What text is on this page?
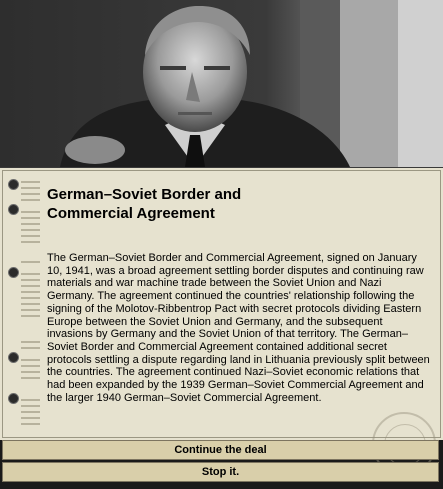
German–Soviet Border and
Commercial Agreement
The German–Soviet Border and Commercial Agreement, signed on January 10, 1941, was a broad agreement settling border disputes and continuing raw materials and war machine trade between the Soviet Union and Nazi Germany. The agreement continued the countries' relationship following the signing of the Molotov-Ribbentrop Pact with secret protocols dividing Eastern Europe between the Soviet Union and Germany, and the subsequent invasions by Germany and the Soviet Union of that territory. The German–Soviet Border and Commercial Agreement contained additional secret protocols settling a dispute regarding land in Lithuania previously split between the countries. The agreement continued Nazi–Soviet economic relations that had been expanded by the 1939 German–Soviet Commercial Agreement and the larger 1940 German–Soviet Commercial Agreement.
Continue the deal
Stop it.
